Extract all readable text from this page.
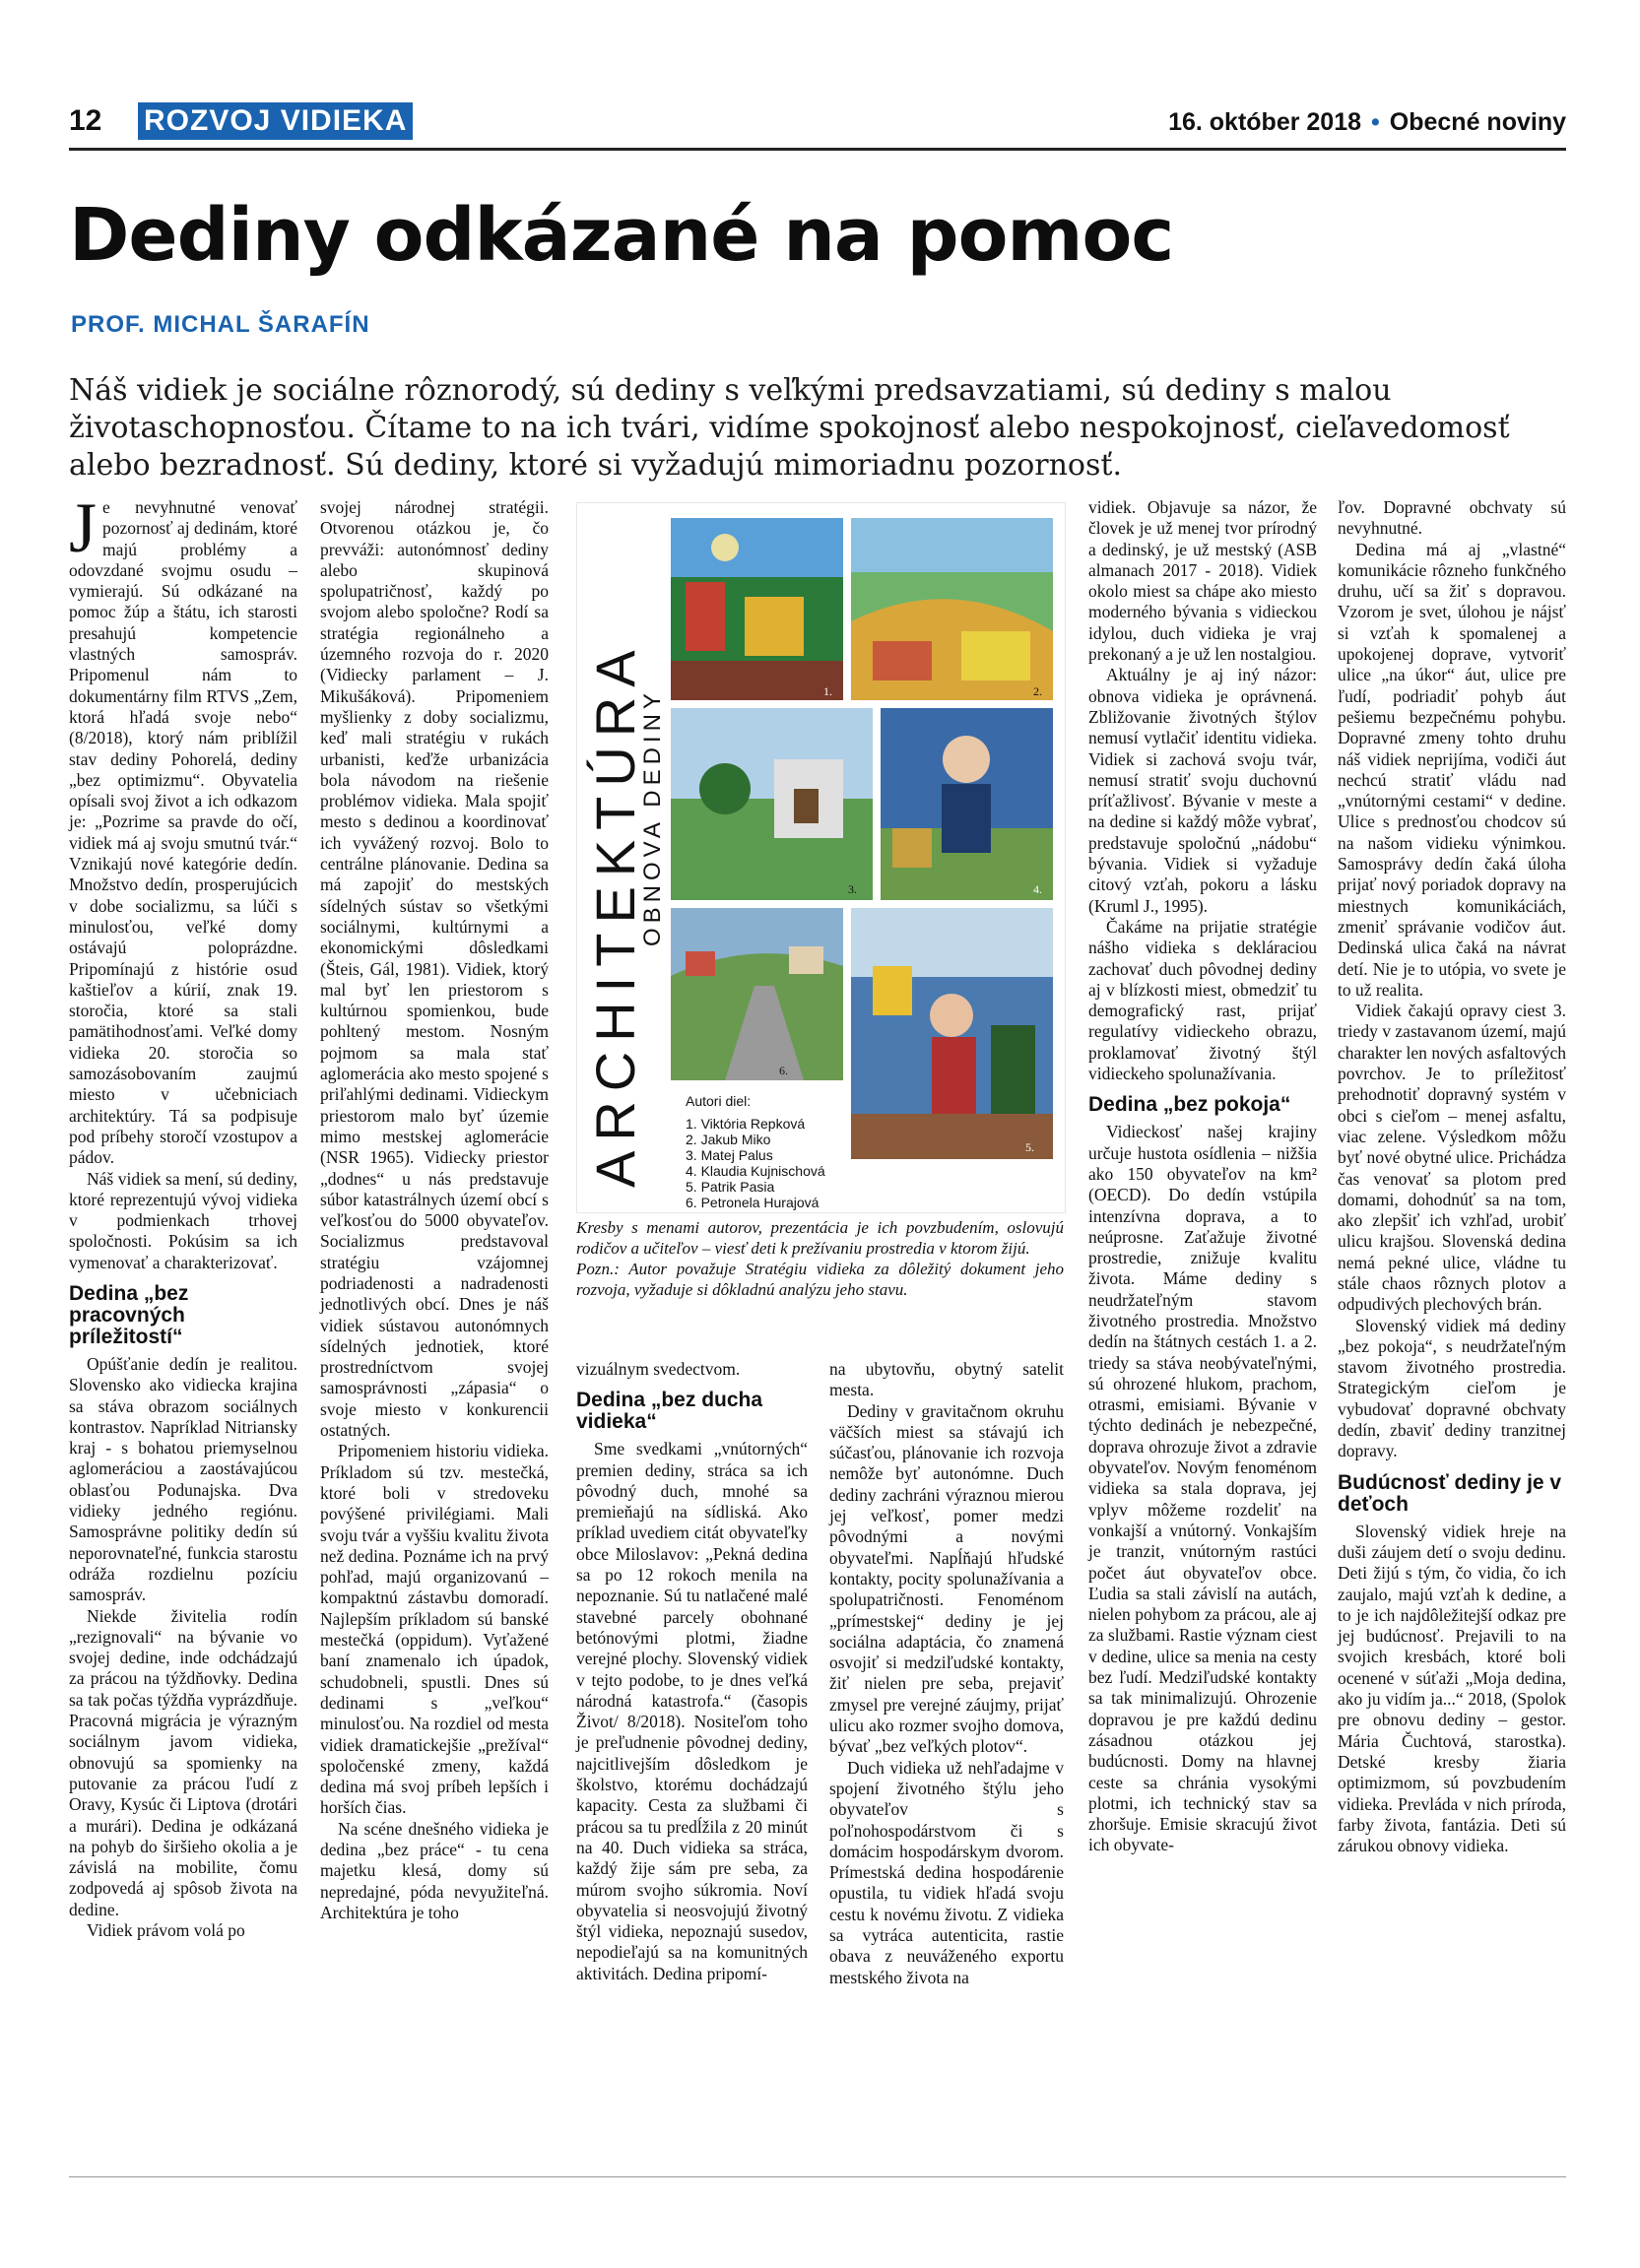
12 ROZVOJ VIDIEKA	16. október 2018 • Obecné noviny
Dediny odkázané na pomoc
PROF. MICHAL ŠARAFÍN

Náš vidiek je sociálne rôznorodý, sú dediny s veľkými predsavzatiami, sú dediny s malou životaschopnosťou. Čítame to na ich tvári, vidíme spokojnosť alebo nespokojnosť, cieľavedomosť alebo bezradnosť. Sú dediny, ktoré si vyžadujú mimoriadnu pozornosť.

Je nevyhnutné venovať pozornosť aj dedinám, ktoré majú problémy a odovzdané svojmu osudu – vymierajú. Sú odkázané na pomoc žúp a štátu, ich starosti presahujú kompetencie vlastných samospráv. Pripomenul nám to dokumentárny film RTVS „Zem, ktorá hľadá svoje nebo“ (8/2018), ktorý nám priblížil stav dediny Pohorelá, dediny „bez optimizmu“. Obyvatelia opísali svoj život a ich odkazom je: „Pozrime sa pravde do očí, vidiek má aj svoju smutnú tvár.“ Vznikajú nové kategórie dedín. Množstvo dedín, prosperujúcich v dobe socializmu, sa lúči s minulosťou, veľké domy ostávajú poloprázdne. Pripomínajú z histórie osud kaštieľov a kúrií, znak 19. storočia, ktoré sa stali pamätihodnosťami. Veľké domy vidieka 20. storočia so samozásobovaním zaujmú miesto v učebniciach architektúry. Tá sa podpisuje pod príbehy storočí vzostupov a pádov.

Náš vidiek sa mení, sú dediny, ktoré reprezentujú vývoj vidieka v podmienkach trhovej spoločnosti. Pokúsim sa ich vymenovať a charakterizovať.

Dedina „bez pracovných príležitostí“

Opúšťanie dedín je realitou. Slovensko ako vidiecka krajina sa stáva obrazom sociálnych kontrastov. Napríklad Nitriansky kraj - s bohatou priemyselnou aglomeráciou a zaostávajúcou oblasťou Podunajska. Dva vidieky jedného regiónu. Samosprávne politiky dedín sú neporovnateľné, funkcia starostu odráža rozdielnu pozíciu samospráv.

Niekde živitelia rodín „rezignovali“ na bývanie vo svojej dedine, inde odchádzajú za prácou na týždňovky. Dedina sa tak počas týždňa vyprázdňuje. Pracovná migrácia je výrazným sociálnym javom vidieka, obnovujú sa spomienky na putovanie za prácou ľudí z Oravy, Kysúc či Liptova (drotári a murári). Dedina je odkázaná na pohyb do širšieho okolia a je závislá na mobilite, čomu zodpovedá aj spôsob života na dedine.

Vidiek právom volá po

svojej národnej stratégii. Otvorenou otázkou je, čo prevváži: autonómnosť dediny alebo skupinová spolupatričnosť, každý po svojom alebo spoločne? Rodí sa stratégia regionálneho a územného rozvoja do r. 2020 (Vidiecky parlament – J. Mikušáková). Pripomeniem myšlienky z doby socializmu, keď mali stratégiu v rukách urbanisti, keďže urbanizácia bola návodom na riešenie problémov vidieka. Mala spojiť mesto s dedinou a koordinovať ich vyvážený rozvoj. Bolo to centrálne plánovanie. Dedina sa má zapojiť do mestských sídelných sústav so všetkými sociálnymi, kultúrnymi a ekonomickými dôsledkami (Šteis, Gál, 1981). Vidiek, ktorý mal byť len priestorom s kultúrnou spomienkou, bude pohltený mestom. Nosným pojmom sa mala stať aglomerácia ako mesto spojené s priľahlými dedinami. Vidieckym priestorom malo byť územie mimo mestskej aglomerácie (NSR 1965). Vidiecky priestor „dodnes“ u nás predstavuje súbor katastrálnych území obcí s veľkosťou do 5000 obyvateľov. Socializmus predstavoval stratégiu vzájomnej podriadenosti a nadradenosti jednotlivých obcí. Dnes je náš vidiek sústavou autonómnych sídelných jednotiek, ktoré prostredníctvom svojej samosprávnosti „zápasia“ o svoje miesto v konkurencii ostatných.

Pripomeniem historiu vidieka. Príkladom sú tzv. mestečká, ktoré boli v stredoveku povýšené privilégiami. Mali svoju tvár a vyššiu kvalitu života než dedina. Poznáme ich na prvý pohľad, majú organizovanú – kompaktnú zástavbu domoradí. Najlepším príkladom sú banské mestečká (oppidum). Vyťažené baní znamenalo ich úpadok, schudobneli, spustli. Dnes sú dedinami s „veľkou“ minulosťou. Na rozdiel od mesta vidiek dramatickejšie „prežíval“ spoločenské zmeny, každá dedina má svoj príbeh lepších i horších čias.

Na scéne dnešného vidieka je dedina „bez práce“ - tu cena majetku klesá, domy sú nepredajné, póda nevyužiteľná. Architektúra je toho

ARCHITEKTÚRA
OBNOVA DEDINY	1.	2.
3.	4.
6.
5.
Autori diel:
1. Viktória Repková
2. Jakub Miko
3. Matej Palus
4. Klaudia Kujnischová
5. Patrik Pasia
6. Petronela Hurajová

Kresby s menami autorov, prezentácia je ich povzbudením, oslovujú rodičov a učiteľov – viesť deti k prežívaniu prostredia v ktorom žijú.

Pozn.: Autor považuje Stratégiu vidieka za dôležitý dokument jeho rozvoja, vyžaduje si dôkladnú analýzu jeho stavu.

vizuálnym svedectvom.

Dedina „bez ducha vidieka“

Sme svedkami „vnútorných“ premien dediny, stráca sa ich pôvodný duch, mnohé sa premieňajú na sídliská. Ako príklad uvediem citát obyvateľky obce Miloslavov: „Pekná dedina sa po 12 rokoch menila na nepoznanie. Sú tu natlačené malé stavebné parcely obohnané betónovými plotmi, žiadne verejné plochy. Slovenský vidiek v tejto podobe, to je dnes veľká národná katastrofa.“ (časopis Život/ 8/2018). Nositeľom toho je preľudnenie pôvodnej dediny, najcitlivejším dôsledkom je školstvo, ktorému dochádzajú kapacity. Cesta za službami či prácou sa tu predĺžila z 20 minút na 40. Duch vidieka sa stráca, každý žije sám pre seba, za múrom svojho súkromia. Noví obyvatelia si neosvojujú životný štýl vidieka, nepoznajú susedov, nepodieľajú sa na komunitných aktivitách. Dedina pripomí-

na ubytovňu, obytný satelit mesta.

Dediny v gravitačnom okruhu väčších miest sa stávajú ich súčasťou, plánovanie ich rozvoja nemôže byť autonómne. Duch dediny zachráni výraznou mierou jej veľkosť, pomer medzi pôvodnými a novými obyvateľmi. Napĺňajú hľudské kontakty, pocity spolunažívania a spolupatričnosti. Fenoménom „prímestskej“ dediny je jej sociálna adaptácia, čo znamená osvojiť si medziľudské kontakty, žiť nielen pre seba, prejaviť zmysel pre verejné záujmy, prijať ulicu ako rozmer svojho domova, bývať „bez veľkých plotov“.

Duch vidieka už nehľadajme v spojení životného štýlu jeho obyvateľov s poľnohospodárstvom či s domácim hospodárskym dvorom. Prímestská dedina hospodárenie opustila, tu vidiek hľadá svoju cestu k novému životu. Z vidieka sa vytráca autenticita, rastie obava z neuváženého exportu mestského života na

vidiek. Objavuje sa názor, že človek je už menej tvor prírodný a dedinský, je už mestský (ASB almanach 2017 - 2018). Vidiek okolo miest sa chápe ako miesto moderného bývania s vidieckou idylou, duch vidieka je vraj prekonaný a je už len nostalgiou.

Aktuálny je aj iný názor: obnova vidieka je oprávnená. Zbližovanie životných štýlov nemusí vytlačiť identitu vidieka. Vidiek si zachová svoju tvár, nemusí stratiť svoju duchovnú príťažlivosť. Bývanie v meste a na dedine si každý môže vybrať, predstavuje spoločnú „nádobu“ bývania. Vidiek si vyžaduje citový vzťah, pokoru a lásku (Kruml J., 1995).

Čakáme na prijatie stratégie nášho vidieka s dekláraciou zachovať duch pôvodnej dediny aj v blízkosti miest, obmedziť tu demografický rast, prijať regulatívy vidieckeho obrazu, proklamovať životný štýl vidieckeho spolunažívania.

Dedina „bez pokoja“

Vidieckosť našej krajiny určuje hustota osídlenia – nižšia ako 150 obyvateľov na km² (OECD). Do dedín vstúpila intenzívna doprava, a to neúprosne. Zaťažuje životné prostredie, znižuje kvalitu života. Máme dediny s neudržateľným stavom životného prostredia. Množstvo dedín na štátnych cestách 1. a 2. triedy sa stáva neobývateľnými, sú ohrozené hlukom, prachom, otrasmi, emisiami. Bývanie v týchto dedinách je nebezpečné, doprava ohrozuje život a zdravie obyvateľov. Novým fenoménom vidieka sa stala doprava, jej vplyv môžeme rozdeliť na vonkajší a vnútorný. Vonkajším je tranzit, vnútorným rastúci počet áut obyvateľov obce. Ľudia sa stali závislí na autách, nielen pohybom za prácou, ale aj za službami. Rastie význam ciest v dedine, ulice sa menia na cesty bez ľudí. Medziľudské kontakty sa tak minimalizujú. Ohrozenie dopravou je pre každú dedinu zásadnou otázkou jej budúcnosti. Domy na hlavnej ceste sa chránia vysokými plotmi, ich technický stav sa zhoršuje. Emisie skracujú život ich obyvate-

ľov. Dopravné obchvaty sú nevyhnutné.

Dedina má aj „vlastné“ komunikácie rôzneho funkčného druhu, učí sa žiť s dopravou. Vzorom je svet, úlohou je nájsť si vzťah k spomalenej a upokojenej doprave, vytvoriť ulice „na úkor“ áut, ulice pre ľudí, podriadiť pohyb áut pešiemu bezpečnému pohybu. Dopravné zmeny tohto druhu náš vidiek neprijíma, vodiči áut nechcú stratiť vládu nad „vnútornými cestami“ v dedine. Ulice s prednosťou chodcov sú na našom vidieku výnimkou. Samosprávy dedín čaká úloha prijať nový poriadok dopravy na miestnych komunikáciách, zmeniť správanie vodičov áut. Dedinská ulica čaká na návrat detí. Nie je to utópia, vo svete je to už realita.

Vidiek čakajú opravy ciest 3. triedy v zastavanom území, majú charakter len nových asfaltových povrchov. Je to príležitosť prehodnotiť dopravný systém v obci s cieľom – menej asfaltu, viac zelene. Výsledkom môžu byť nové obytné ulice. Prichádza čas venovať sa plotom pred domami, dohodnúť sa na tom, ako zlepšiť ich vzhľad, urobiť ulicu krajšou. Slovenská dedina nemá pekné ulice, vládne tu stále chaos rôznych plotov a odpudivých plechových brán.

Slovenský vidiek má dediny „bez pokoja“, s neudržateľným stavom životného prostredia. Strategickým cieľom je vybudovať dopravné obchvaty dedín, zbaviť dediny tranzitnej dopravy.

Budúcnosť dediny je v deťoch

Slovenský vidiek hreje na duši záujem detí o svoju dedinu. Deti žijú s tým, čo vidia, čo ich zaujalo, majú vzťah k dedine, a to je ich najdôležitejší odkaz pre jej budúcnosť. Prejavili to na svojich kresbách, ktoré boli ocenené v súťaži „Moja dedina, ako ju vidím ja...“ 2018, (Spolok pre obnovu dediny – gestor. Mária Čuchtová, starostka). Detské kresby žiaria optimizmom, sú povzbudením vidieka. Prevláda v nich príroda, farby života, fantázia. Deti sú zárukou obnovy vidieka.
